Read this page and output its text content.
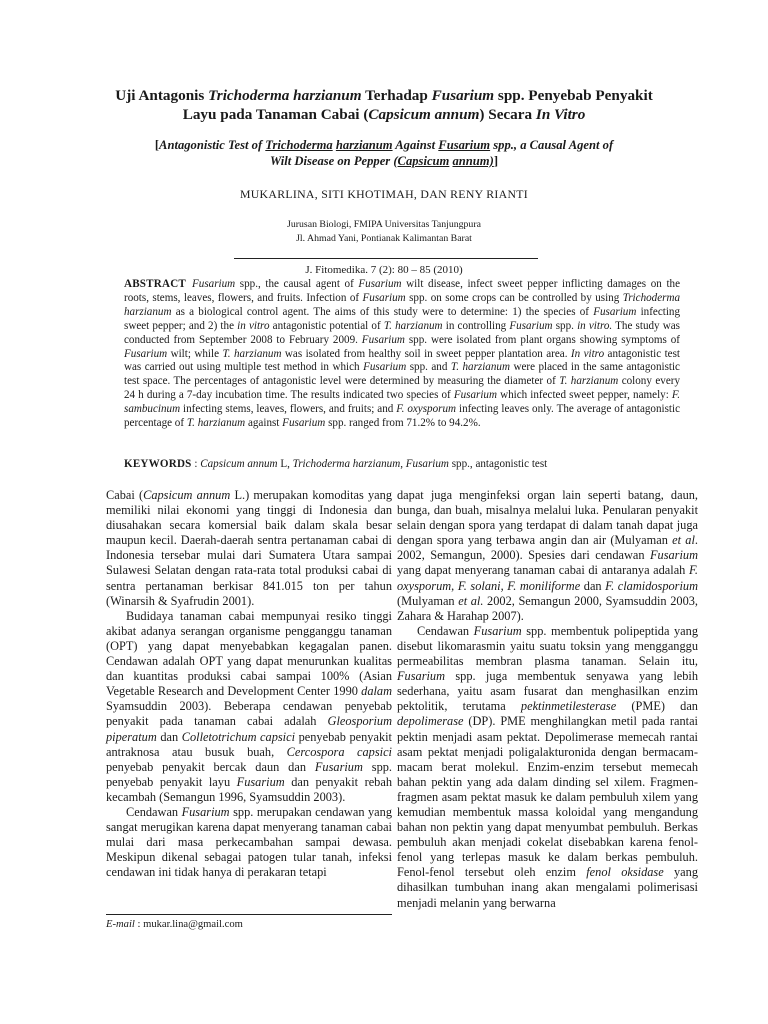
Uji Antagonis Trichoderma harzianum Terhadap Fusarium spp. Penyebab Penyakit

Layu pada Tanaman Cabai (Capsicum annum) Secara In Vitro

[Antagonistic Test of Trichoderma harzianum Against Fusarium spp., a Causal Agent of

Wilt Disease on Pepper (Capsicum annum)]

MUKARLINA, SITI KHOTIMAH, DAN RENY RIANTI

Jurusan Biologi, FMIPA Universitas Tanjungpura

Jl. Ahmad Yani, Pontianak Kalimantan Barat

J. Fitomedika. 7 (2): 80 – 85 (2010)

ABSTRACT Fusarium spp., the causal agent of Fusarium wilt disease, infect sweet pepper inflicting damages on the roots, stems, leaves, flowers, and fruits. Infection of Fusarium spp. on some crops can be controlled by using Trichoderma harzianum as a biological control agent. The aims of this study were to determine: 1) the species of Fusarium infecting sweet pepper; and 2) the in vitro antagonistic potential of T. harzianum in controlling Fusarium spp. in vitro. The study was conducted from September 2008 to February 2009. Fusarium spp. were isolated from plant organs showing symptoms of Fusarium wilt; while T. harzianum was isolated from healthy soil in sweet pepper plantation area. In vitro antagonistic test was carried out using multiple test method in which Fusarium spp. and T. harzianum were placed in the same antagonistic test space. The percentages of antagonistic level were determined by measuring the diameter of T. harzianum colony every 24 h during a 7-day incubation time. The results indicated two species of Fusarium which infected sweet pepper, namely: F. sambucinum infecting stems, leaves, flowers, and fruits; and F. oxysporum infecting leaves only. The average of antagonistic percentage of T. harzianum against Fusarium spp. ranged from 71.2% to 94.2%.

KEYWORDS : Capsicum annum L, Trichoderma harzianum, Fusarium spp., antagonistic test

Cabai (Capsicum annum L.) merupakan komoditas yang memiliki nilai ekonomi yang tinggi di Indonesia dan diusahakan secara komersial baik dalam skala besar maupun kecil. Daerah-daerah sentra pertanaman cabai di Indonesia tersebar mulai dari Sumatera Utara sampai Sulawesi Selatan dengan rata-rata total produksi cabai di sentra pertanaman berkisar 841.015 ton per tahun (Winarsih & Syafrudin 2001).

Budidaya tanaman cabai mempunyai resiko tinggi akibat adanya serangan organisme pengganggu tanaman (OPT) yang dapat menyebabkan kegagalan panen. Cendawan adalah OPT yang dapat menurunkan kualitas dan kuantitas produksi cabai sampai 100% (Asian Vegetable Research and Development Center 1990 dalam Syamsuddin 2003). Beberapa cendawan penyebab penyakit pada tanaman cabai adalah Gleosporium piperatum dan Colletotrichum capsici penyebab penyakit antraknosa atau busuk buah, Cercospora capsici penyebab penyakit bercak daun dan Fusarium spp. penyebab penyakit layu Fusarium dan penyakit rebah kecambah (Semangun 1996, Syamsuddin 2003).

Cendawan Fusarium spp. merupakan cendawan yang sangat merugikan karena dapat menyerang tanaman cabai mulai dari masa perkecambahan sampai dewasa. Meskipun dikenal sebagai patogen tular tanah, infeksi cendawan ini tidak hanya di perakaran tetapi

dapat juga menginfeksi organ lain seperti batang, daun, bunga, dan buah, misalnya melalui luka. Penularan penyakit selain dengan spora yang terdapat di dalam tanah dapat juga dengan spora yang terbawa angin dan air (Mulyaman et al. 2002, Semangun, 2000). Spesies dari cendawan Fusarium yang dapat menyerang tanaman cabai di antaranya adalah F. oxysporum, F. solani, F. moniliforme dan F. clamidosporium (Mulyaman et al. 2002, Semangun 2000, Syamsuddin 2003, Zahara & Harahap 2007).

Cendawan Fusarium spp. membentuk polipeptida yang disebut likomarasmin yaitu suatu toksin yang mengganggu permeabilitas membran plasma tanaman. Selain itu, Fusarium spp. juga membentuk senyawa yang lebih sederhana, yaitu asam fusarat dan menghasilkan enzim pektolitik, terutama pektinmetilesterase (PME) dan depolimerase (DP). PME menghilangkan metil pada rantai pektin menjadi asam pektat. Depolimerase memecah rantai asam pektat menjadi poligalakturonida dengan bermacam-macam berat molekul. Enzim-enzim tersebut memecah bahan pektin yang ada dalam dinding sel xilem. Fragmen-fragmen asam pektat masuk ke dalam pembuluh xilem yang kemudian membentuk massa koloidal yang mengandung bahan non pektin yang dapat menyumbat pembuluh. Berkas pembuluh akan menjadi cokelat disebabkan karena fenol-fenol yang terlepas masuk ke dalam berkas pembuluh. Fenol-fenol tersebut oleh enzim fenol oksidase yang dihasilkan tumbuhan inang akan mengalami polimerisasi menjadi melanin yang berwarna

E-mail : mukar.lina@gmail.com
